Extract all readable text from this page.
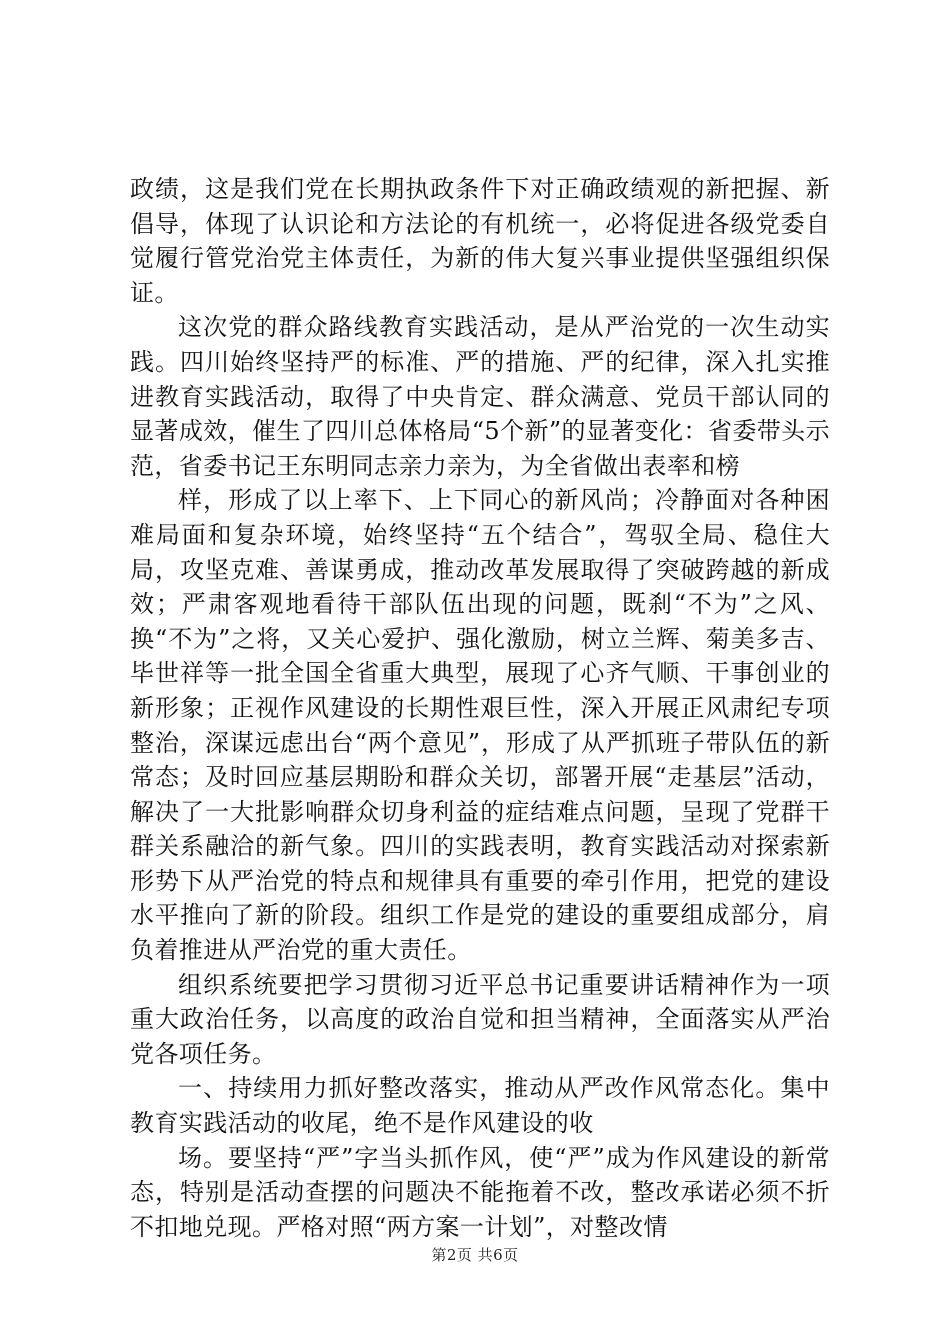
政绩，这是我们党在长期执政条件下对正确政绩观的新把握、新倡导，体现了认识论和方法论的有机统一，必将促进各级党委自觉履行管党治党主体责任，为新的伟大复兴事业提供坚强组织保证。

这次党的群众路线教育实践活动，是从严治党的一次生动实践。四川始终坚持严的标准、严的措施、严的纪律，深入扎实推进教育实践活动，取得了中央肯定、群众满意、党员干部认同的显著成效，催生了四川总体格局“5个新”的显著变化：省委带头示范，省委书记王东明同志亲力亲为，为全省做出表率和榜

样，形成了以上率下、上下同心的新风尚；冷静面对各种困难局面和复杂环境，始终坚持“五个结合”，驾驭全局、稳住大局，攻坚克难、善谋勇成，推动改革发展取得了突破跨越的新成效；严肃客观地看待干部队伍出现的问题，既刹“不为”之风、换“不为”之将，又关心爱护、强化激励，树立兰辉、菊美多吉、毕世祥等一批全国全省重大典型，展现了心齐气顺、干事创业的新形象；正视作风建设的长期性艰巨性，深入开展正风肃纪专项整治，深谋远虑出台“两个意见”，形成了从严抓班子带队伍的新常态；及时回应基层期盼和群众关切，部署开展“走基层”活动，解决了一大批影响群众切身利益的症结难点问题，呈现了党群干群关系融洽的新气象。四川的实践表明，教育实践活动对探索新形势下从严治党的特点和规律具有重要的牵引作用，把党的建设水平推向了新的阶段。组织工作是党的建设的重要组成部分，肩负着推进从严治党的重大责任。

组织系统要把学习贯彻习近平总书记重要讲话精神作为一项重大政治任务，以高度的政治自觉和担当精神，全面落实从严治党各项任务。

一、持续用力抓好整改落实，推动从严改作风常态化。集中教育实践活动的收尾，绝不是作风建设的收

场。要坚持“严”字当头抓作风，使“严”成为作风建设的新常态，特别是活动查摆的问题决不能拖着不改，整改承诺必须不折不扣地兑现。严格对照“两方案一计划”，对整改情

第2页 共6页
